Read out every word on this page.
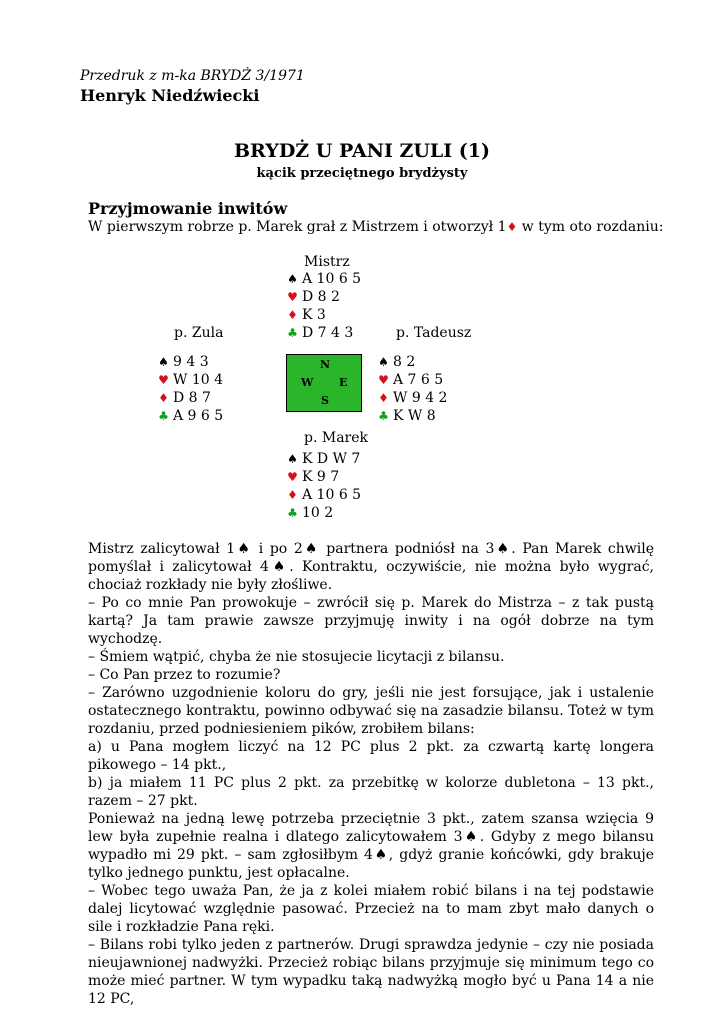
Przedruk z m-ka BRYDŻ 3/1971
Henryk Niedźwiecki
BRYDŻ U PANI ZULI (1)
kącik przeciętnego brydżysty
Przyjmowanie inwitów
W pierwszym robrze p. Marek grał z Mistrzem i otworzył 1♦ w tym oto rozdaniu:
Mistrz
♠ A 10 6 5
♥ D 8 2
♦ K 3
♣ D 7 4 3
p. Zula
♠ 9 4 3
♥ W 10 4
♦ D 8 7
♣ A 9 6 5
N
W E
S
p. Tadeusz
♠ 8 2
♥ A 7 6 5
♦ W 9 4 2
♣ K W 8
p. Marek
♠ K D W 7
♥ K 9 7
♦ A 10 6 5
♣ 10 2

Mistrz zalicytował 1♠ i po 2♠ partnera podniósł na 3♠. Pan Marek chwilę pomyślał i zalicytował 4♠. Kontraktu, oczywiście, nie można było wygrać, chociaż rozkłady nie były złośliwe.

– Po co mnie Pan prowokuje – zwrócił się p. Marek do Mistrza – z tak pustą kartą? Ja tam prawie zawsze przyjmuję inwity i na ogół dobrze na tym wychodzę.

– Śmiem wątpić, chyba że nie stosujecie licytacji z bilansu.

– Co Pan przez to rozumie?

– Zarówno uzgodnienie koloru do gry, jeśli nie jest forsujące, jak i ustalenie ostatecznego kontraktu, powinno odbywać się na zasadzie bilansu. Toteż w tym rozdaniu, przed podniesieniem pików, zrobiłem bilans:

a) u Pana mogłem liczyć na 12 PC plus 2 pkt. za czwartą kartę longera pikowego – 14 pkt.,

b) ja miałem 11 PC plus 2 pkt. za przebitkę w kolorze dubletona – 13 pkt., razem – 27 pkt.

Ponieważ na jedną lewę potrzeba przeciętnie 3 pkt., zatem szansa wzięcia 9 lew była zupełnie realna i dlatego zalicytowałem 3♠. Gdyby z mego bilansu wypadło mi 29 pkt. – sam zgłosiłbym 4♠, gdyż granie końcówki, gdy brakuje tylko jednego punktu, jest opłacalne.

– Wobec tego uważa Pan, że ja z kolei miałem robić bilans i na tej podstawie dalej licytować względnie pasować. Przecież na to mam zbyt mało danych o sile i rozkładzie Pana ręki.

– Bilans robi tylko jeden z partnerów. Drugi sprawdza jedynie – czy nie posiada nieujawnionej nadwyżki. Przecież robiąc bilans przyjmuje się minimum tego co może mieć partner. W tym wypadku taką nadwyżką mogło być u Pana 14 a nie 12 PC,
